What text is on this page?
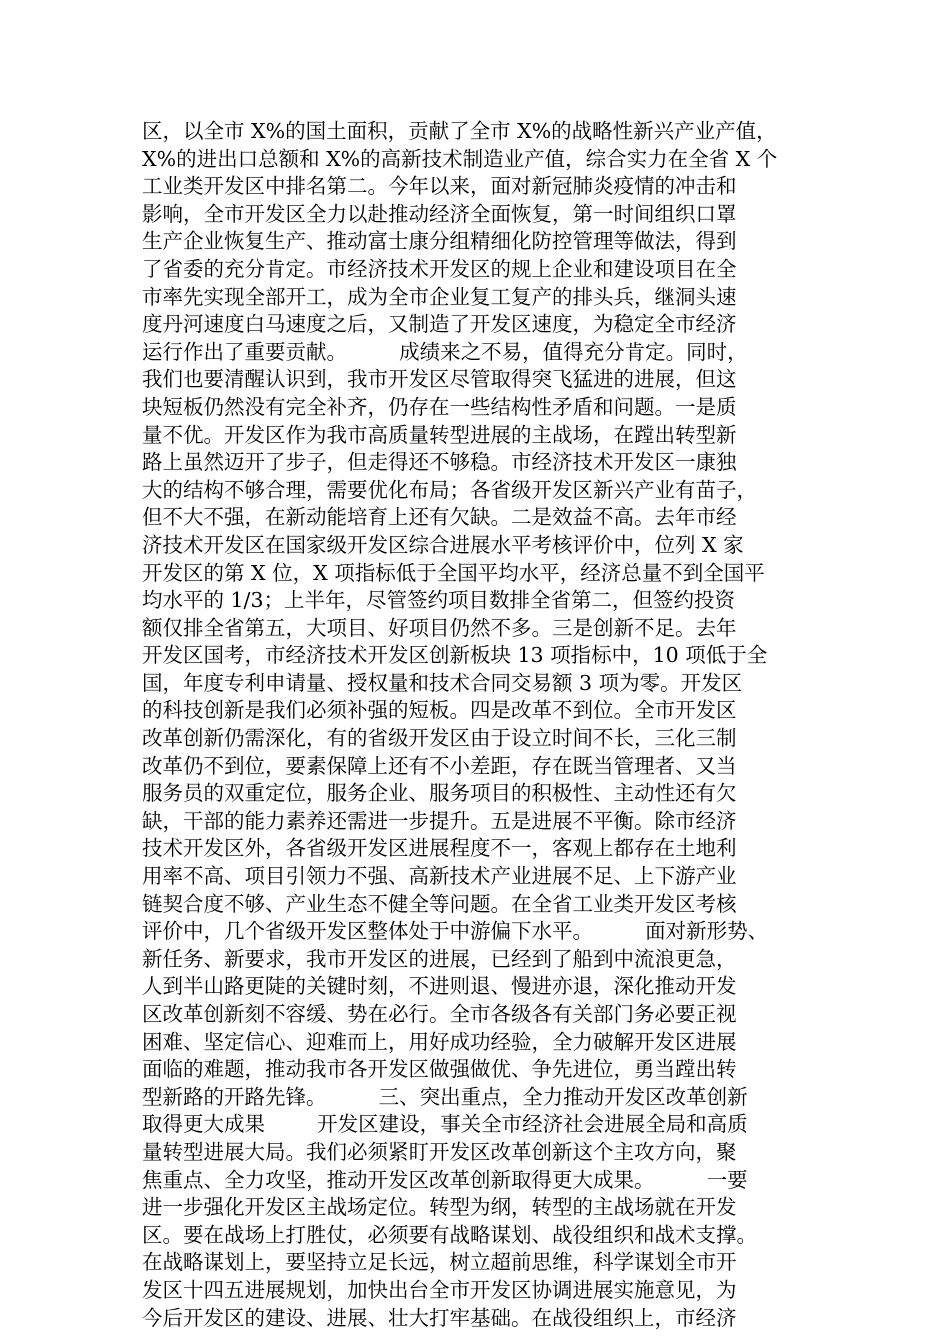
区，以全市 X%的国土面积，贡献了全市 X%的战略性新兴产业产值，
X%的进出口总额和 X%的高新技术制造业产值，综合实力在全省 X 个
工业类开发区中排名第二。今年以来，面对新冠肺炎疫情的冲击和
影响，全市开发区全力以赴推动经济全面恢复，第一时间组织口罩
生产企业恢复生产、推动富士康分组精细化防控管理等做法，得到
了省委的充分肯定。市经济技术开发区的规上企业和建设项目在全
市率先实现全部开工，成为全市企业复工复产的排头兵，继洞头速
度丹河速度白马速度之后，又制造了开发区速度，为稳定全市经济
运行作出了重要贡献。        成绩来之不易，值得充分肯定。同时，
我们也要清醒认识到，我市开发区尽管取得突飞猛进的进展，但这
块短板仍然没有完全补齐，仍存在一些结构性矛盾和问题。一是质
量不优。开发区作为我市高质量转型进展的主战场，在蹚出转型新
路上虽然迈开了步子，但走得还不够稳。市经济技术开发区一康独
大的结构不够合理，需要优化布局；各省级开发区新兴产业有苗子，
但不大不强，在新动能培育上还有欠缺。二是效益不高。去年市经
济技术开发区在国家级开发区综合进展水平考核评价中，位列 X 家
开发区的第 X 位，X 项指标低于全国平均水平，经济总量不到全国平
均水平的 1/3；上半年，尽管签约项目数排全省第二，但签约投资
额仅排全省第五，大项目、好项目仍然不多。三是创新不足。去年
开发区国考，市经济技术开发区创新板块 13 项指标中，10 项低于全
国，年度专利申请量、授权量和技术合同交易额 3 项为零。开发区
的科技创新是我们必须补强的短板。四是改革不到位。全市开发区
改革创新仍需深化，有的省级开发区由于设立时间不长，三化三制
改革仍不到位，要素保障上还有不小差距，存在既当管理者、又当
服务员的双重定位，服务企业、服务项目的积极性、主动性还有欠
缺，干部的能力素养还需进一步提升。五是进展不平衡。除市经济
技术开发区外，各省级开发区进展程度不一，客观上都存在土地利
用率不高、项目引领力不强、高新技术产业进展不足、上下游产业
链契合度不够、产业生态不健全等问题。在全省工业类开发区考核
评价中，几个省级开发区整体处于中游偏下水平。        面对新形势、
新任务、新要求，我市开发区的进展，已经到了船到中流浪更急，
人到半山路更陡的关键时刻，不进则退、慢进亦退，深化推动开发
区改革创新刻不容缓、势在必行。全市各级各有关部门务必要正视
困难、坚定信心、迎难而上，用好成功经验，全力破解开发区进展
面临的难题，推动我市各开发区做强做优、争先进位，勇当蹚出转
型新路的开路先锋。        三、突出重点，全力推动开发区改革创新
取得更大成果        开发区建设，事关全市经济社会进展全局和高质
量转型进展大局。我们必须紧盯开发区改革创新这个主攻方向，聚
焦重点、全力攻坚，推动开发区改革创新取得更大成果。        一要
进一步强化开发区主战场定位。转型为纲，转型的主战场就在开发
区。要在战场上打胜仗，必须要有战略谋划、战役组织和战术支撑。
在战略谋划上，要坚持立足长远，树立超前思维，科学谋划全市开
发区十四五进展规划，加快出台全市开发区协调进展实施意见，为
今后开发区的建设、进展、壮大打牢基础。在战役组织上，市经济
